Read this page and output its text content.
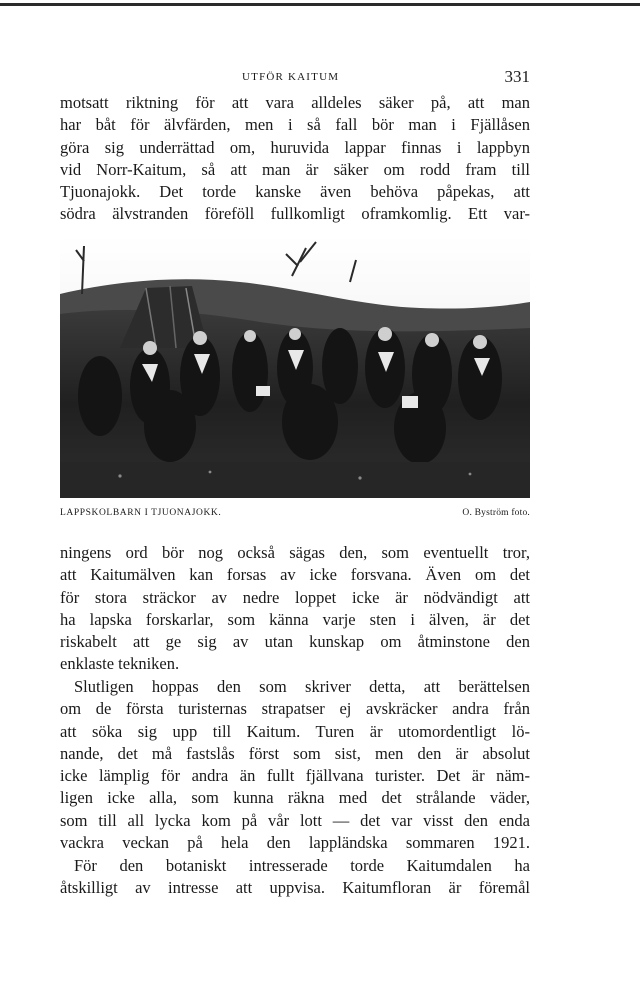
UTFÖR KAITUM	331

motsatt riktning för att vara alldeles säker på, att man
har båt för älvfärden, men i så fall bör man i Fjällåsen
göra sig underrättad om, huruvida lappar finnas i lappbyn
vid Norr-Kaitum, så att man är säker om rodd fram till
Tjuonajokk. Det torde kanske även behöva påpekas, att
södra älvstranden föreföll fullkomligt oframkomlig. Ett var-

LAPPSKOLBARN I TJUONAJOKK.	O. Byström foto.

ningens ord bör nog också sägas den, som eventuellt tror,
att Kaitumälven kan forsas av icke forsvana. Även om det
för stora sträckor av nedre loppet icke är nödvändigt att
ha lapska forskarlar, som känna varje sten i älven, är det
riskabelt att ge sig av utan kunskap om åtminstone den
enklaste tekniken.

Slutligen hoppas den som skriver detta, att berättelsen
om de första turisternas strapatser ej avskräcker andra från
att söka sig upp till Kaitum. Turen är utomordentligt lö-
nande, det må fastslås först som sist, men den är absolut
icke lämplig för andra än fullt fjällvana turister. Det är näm-
ligen icke alla, som kunna räkna med det strålande väder,
som till all lycka kom på vår lott — det var visst den enda
vackra veckan på hela den lappländska sommaren 1921.

För den botaniskt intresserade torde Kaitumdalen ha
åtskilligt av intresse att uppvisa. Kaitumfloran är föremål
